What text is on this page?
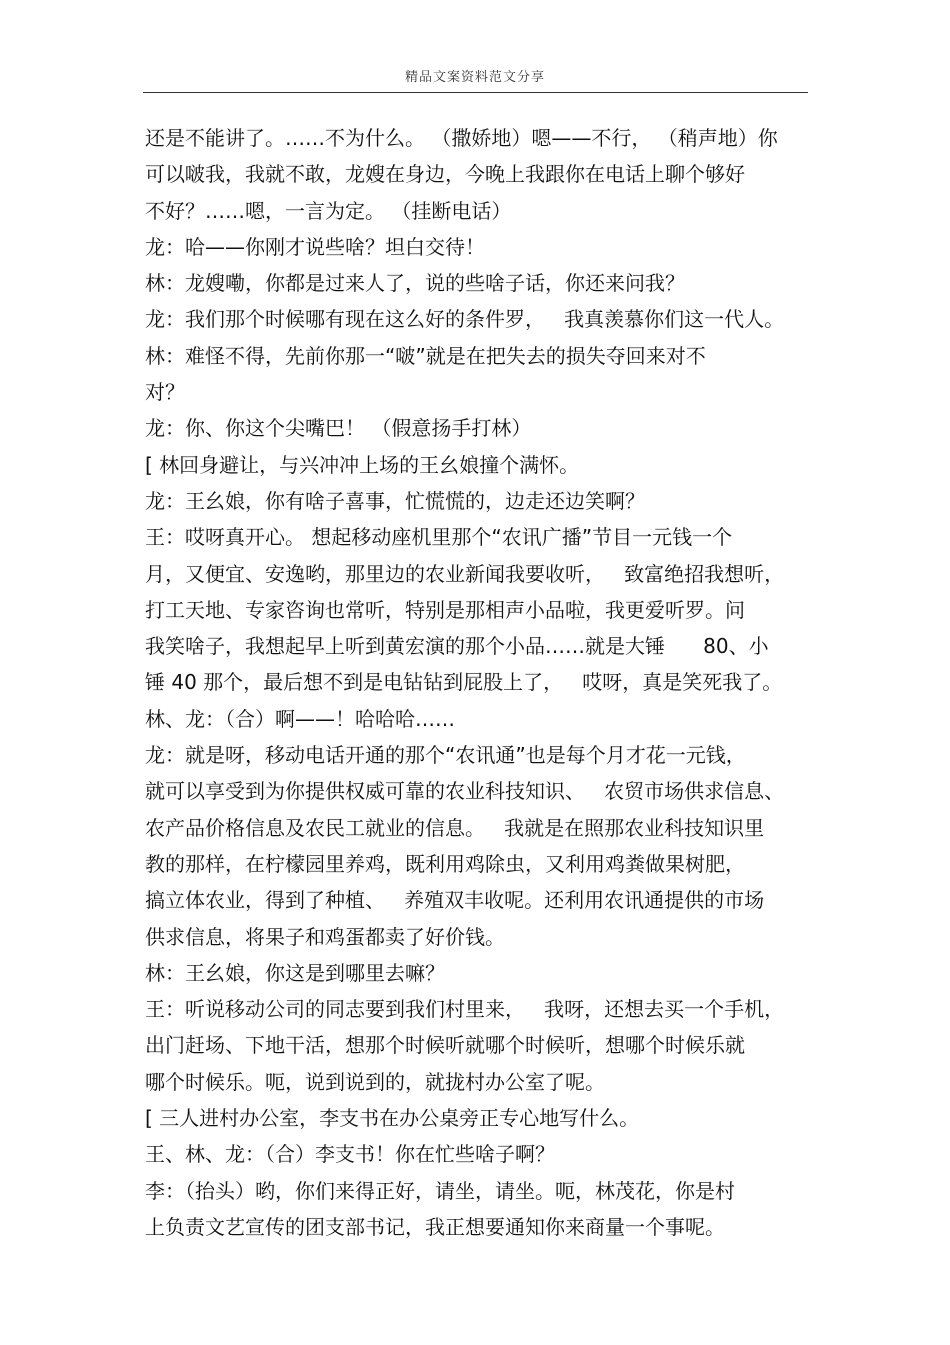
精品文案资料范文分享
还是不能讲了。……不为什么。 （撒娇地）嗯——不行， （稍声地）你
可以啵我，我就不敢，龙嫂在身边，今晚上我跟你在电话上聊个够好
不好？……嗯，一言为定。 （挂断电话）
龙：哈——你刚才说些啥？坦白交待！
林：龙嫂嘞，你都是过来人了，说的些啥子话，你还来问我？
龙：我们那个时候哪有现在这么好的条件罗，   我真羡慕你们这一代人。
林：难怪不得，先前你那一“啵”就是在把失去的损失夺回来对不
对？
龙：你、你这个尖嘴巴！ （假意扬手打林）
[ 林回身避让，与兴冲冲上场的王幺娘撞个满怀。
龙：王幺娘，你有啥子喜事，忙慌慌的，边走还边笑啊？
王：哎呀真开心。 想起移动座机里那个“农讯广播”节目一元钱一个
月，又便宜、安逸哟，那里边的农业新闻我要收听，   致富绝招我想听，
打工天地、专家咨询也常听，特别是那相声小品啦，我更爱听罗。问
我笑啥子，我想起早上听到黄宏演的那个小品……就是大锤      80、小
锤 40 那个，最后想不到是电钻钻到屁股上了，   哎呀，真是笑死我了。
林、龙：（合）啊——！哈哈哈……
龙：就是呀，移动电话开通的那个“农讯通”也是每个月才花一元钱，
就可以享受到为你提供权威可靠的农业科技知识、   农贸市场供求信息、
农产品价格信息及农民工就业的信息。   我就是在照那农业科技知识里
教的那样，在柠檬园里养鸡，既利用鸡除虫，又利用鸡粪做果树肥，
搞立体农业，得到了种植、   养殖双丰收呢。还利用农讯通提供的市场
供求信息，将果子和鸡蛋都卖了好价钱。
林：王幺娘，你这是到哪里去嘛？
王：听说移动公司的同志要到我们村里来，   我呀，还想去买一个手机，
出门赶场、下地干活，想那个时候听就哪个时候听，想哪个时候乐就
哪个时候乐。呃，说到说到的，就拢村办公室了呢。
[ 三人进村办公室，李支书在办公桌旁正专心地写什么。
王、林、龙：（合）李支书！你在忙些啥子啊？
李：（抬头）哟，你们来得正好，请坐，请坐。呃，林茂花，你是村
上负责文艺宣传的团支部书记，我正想要通知你来商量一个事呢。
